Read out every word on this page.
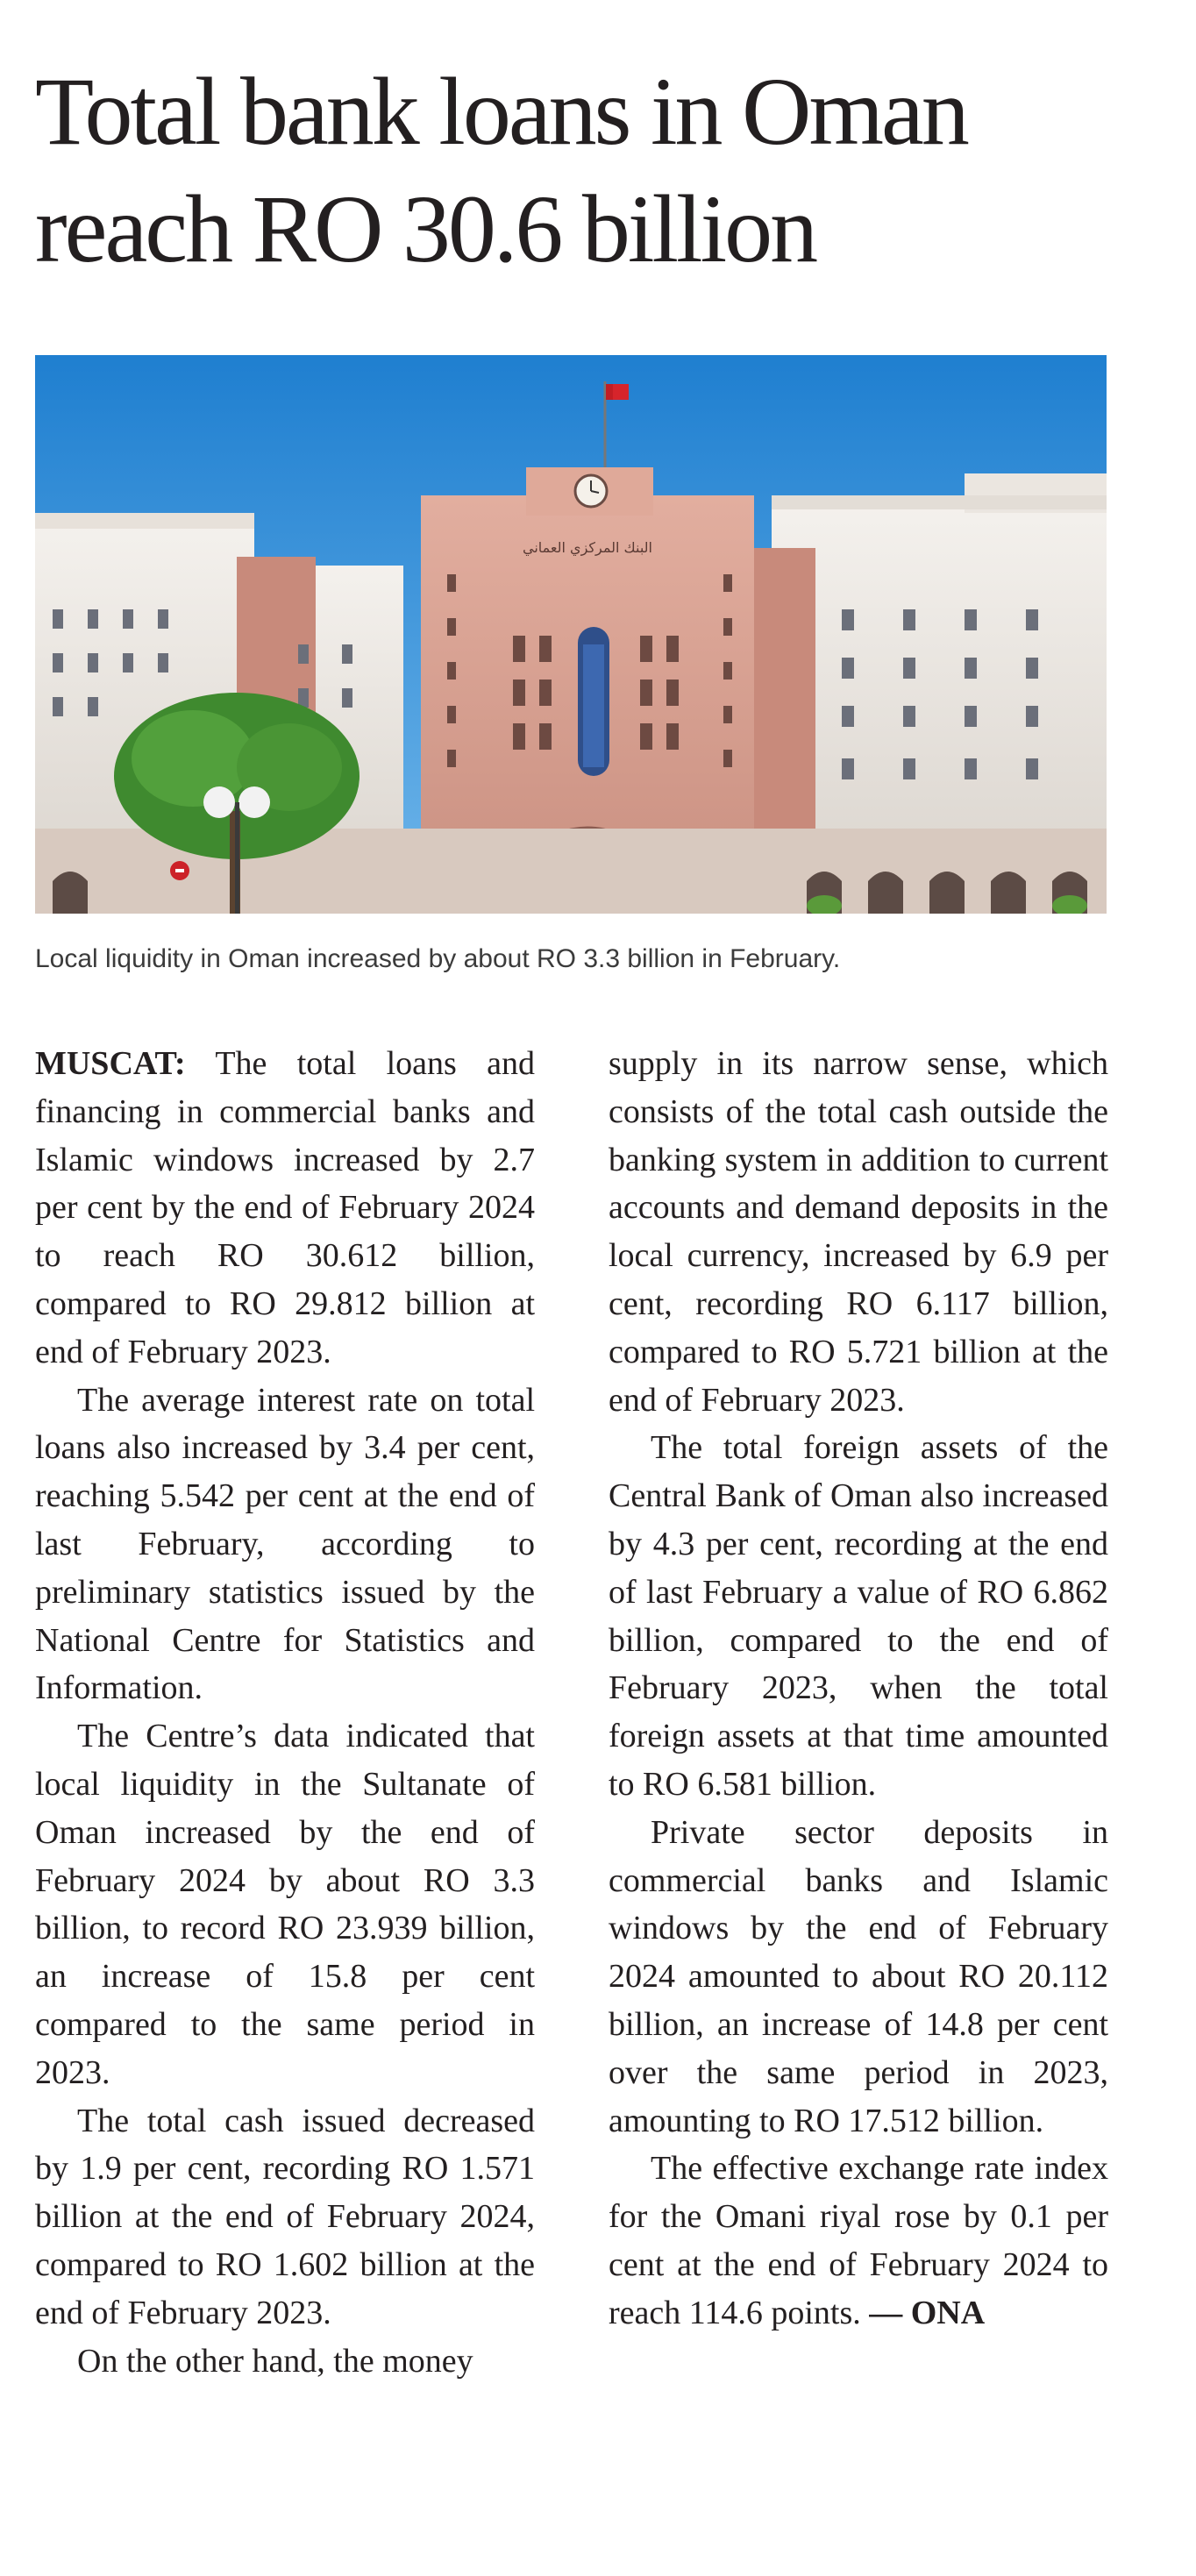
Total bank loans in Oman reach RO 30.6 billion
البنك المركزي العماني
Local liquidity in Oman increased by about RO 3.3 billion in February.

MUSCAT: The total loans and financing in commercial banks and Islamic windows increased by 2.7 per cent by the end of February 2024 to reach RO 30.612 billion, compared to RO 29.812 billion at end of February 2023.

The average interest rate on total loans also increased by 3.4 per cent, reaching 5.542 per cent at the end of last February, according to preliminary statistics issued by the National Centre for Statistics and Information.

The Centre’s data indicated that local liquidity in the Sultanate of Oman increased by the end of February 2024 by about RO 3.3 billion, to record RO 23.939 billion, an increase of 15.8 per cent compared to the same period in 2023.

The total cash issued decreased by 1.9 per cent, recording RO 1.571 billion at the end of February 2024, compared to RO 1.602 billion at the end of February 2023.

On the other hand, the money

supply in its narrow sense, which consists of the total cash outside the banking system in addition to current accounts and demand deposits in the local currency, increased by 6.9 per cent, recording RO 6.117 billion, compared to RO 5.721 billion at the end of February 2023.

The total foreign assets of the Central Bank of Oman also increased by 4.3 per cent, recording at the end of last February a value of RO 6.862 billion, compared to the end of February 2023, when the total foreign assets at that time amounted to RO 6.581 billion.

Private sector deposits in commercial banks and Islamic windows by the end of February 2024 amounted to about RO 20.112 billion, an increase of 14.8 per cent over the same period in 2023, amounting to RO 17.512 billion.

The effective exchange rate index for the Omani riyal rose by 0.1 per cent at the end of February 2024 to reach 114.6 points. — ONA
